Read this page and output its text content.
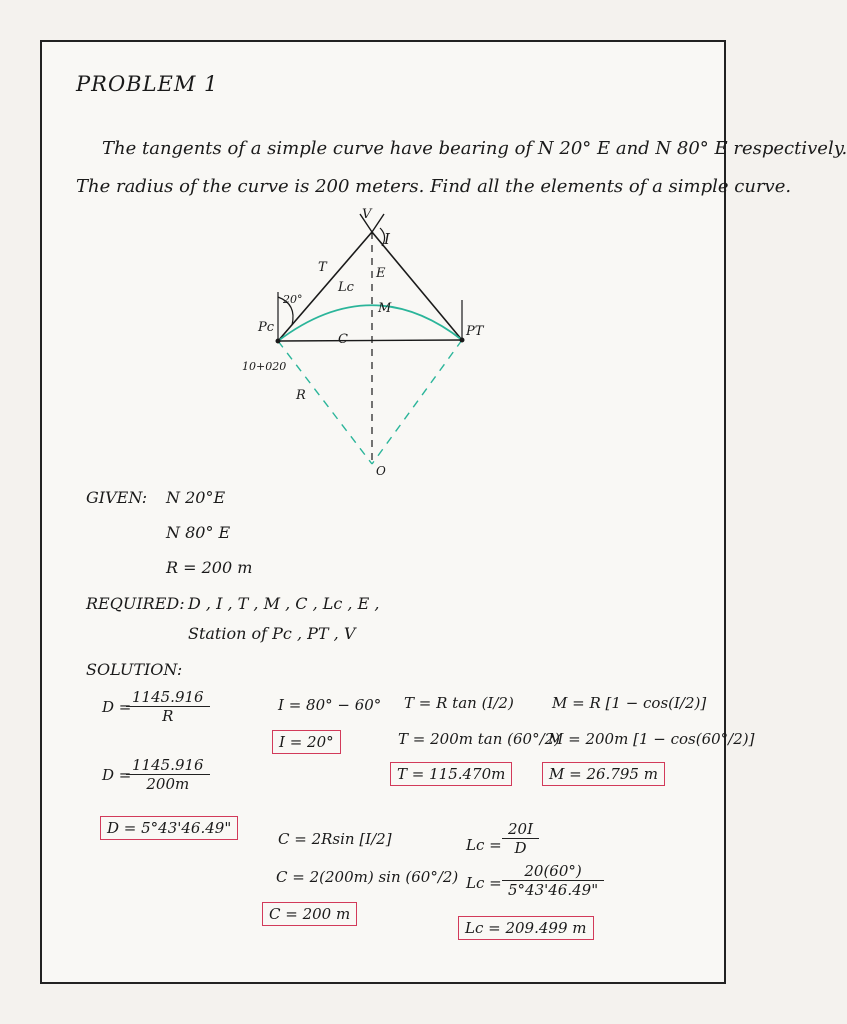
PROBLEM 1
The tangents of a simple curve have bearing of N 20° E and N 80° E respectively.
The radius of the curve is 200 meters. Find all the elements of a simple curve.
V
I
T	E
Lc
M
20°
Pc	PT
C
R
O
10+020
GIVEN: N 20°E
N 80° E
R = 200 m
REQUIRED: D , I , T , M , C , Lc , E ,
Station of Pc , PT , V
SOLUTION:
D =
$\frac{1145.916}{R}$
D =
$\frac{1145.916}{200m}$
D = 5°43'46.49"
I = 80° − 60°
I = 20°
T = R tan (I/2)
T = 200m tan (60°/2)
T = 115.470m
M = R [1 − cos(I/2)]
M = 200m [1 − cos(60°/2)]
M = 26.795 m
C = 2Rsin [I/2]
C = 2(200m) sin (60°/2)
C = 200 m
$Lc = \frac{20I}{D}$
$Lc = \frac{20(60^\circ)}{5^\circ 43'46.49"}$
Lc = 209.499 m
